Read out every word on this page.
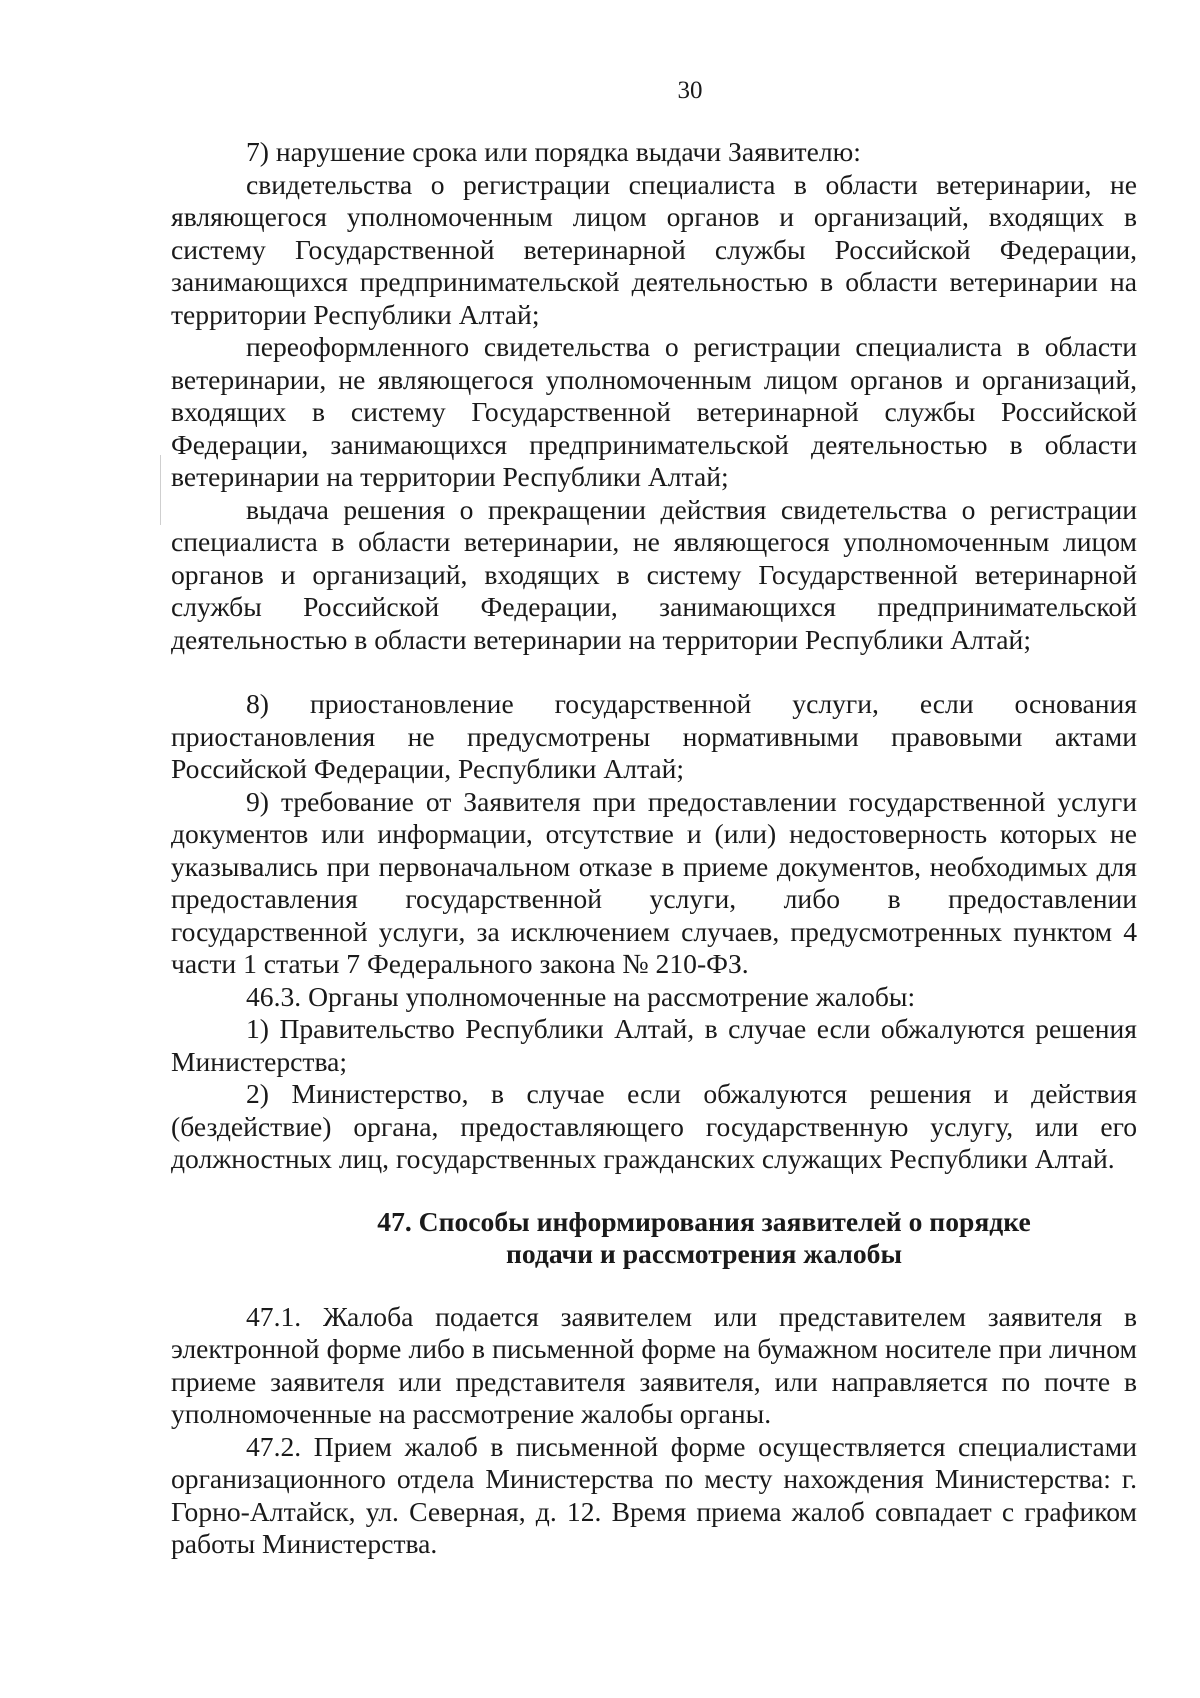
30

7) нарушение срока или порядка выдачи Заявителю:

свидетельства о регистрации специалиста в области ветеринарии, не являющегося уполномоченным лицом органов и организаций, входящих в систему Государственной ветеринарной службы Российской Федерации, занимающихся предпринимательской деятельностью в области ветеринарии на территории Республики Алтай;

переоформленного свидетельства о регистрации специалиста в области ветеринарии, не являющегося уполномоченным лицом органов и организаций, входящих в систему Государственной ветеринарной службы Российской Федерации, занимающихся предпринимательской деятельностью в области ветеринарии на территории Республики Алтай;

выдача решения о прекращении действия свидетельства о регистрации специалиста в области ветеринарии, не являющегося уполномоченным лицом органов и организаций, входящих в систему Государственной ветеринарной службы Российской Федерации, занимающихся предпринимательской деятельностью в области ветеринарии на территории Республики Алтай;

8) приостановление государственной услуги, если основания приостановления не предусмотрены нормативными правовыми актами Российской Федерации, Республики Алтай;

9) требование от Заявителя при предоставлении государственной услуги документов или информации, отсутствие и (или) недостоверность которых не указывались при первоначальном отказе в приеме документов, необходимых для предоставления государственной услуги, либо в предоставлении государственной услуги, за исключением случаев, предусмотренных пунктом 4 части 1 статьи 7 Федерального закона № 210-ФЗ.

46.3. Органы уполномоченные на рассмотрение жалобы:

1) Правительство Республики Алтай, в случае если обжалуются решения Министерства;

2) Министерство, в случае если обжалуются решения и действия (бездействие) органа, предоставляющего государственную услугу, или его должностных лиц, государственных гражданских служащих Республики Алтай.

47. Способы информирования заявителей о порядке подачи и рассмотрения жалобы

47.1. Жалоба подается заявителем или представителем заявителя в электронной форме либо в письменной форме на бумажном носителе при личном приеме заявителя или представителя заявителя, или направляется по почте в уполномоченные на рассмотрение жалобы органы.

47.2. Прием жалоб в письменной форме осуществляется специалистами организационного отдела Министерства по месту нахождения Министерства: г. Горно-Алтайск, ул. Северная, д. 12. Время приема жалоб совпадает с графиком работы Министерства.
